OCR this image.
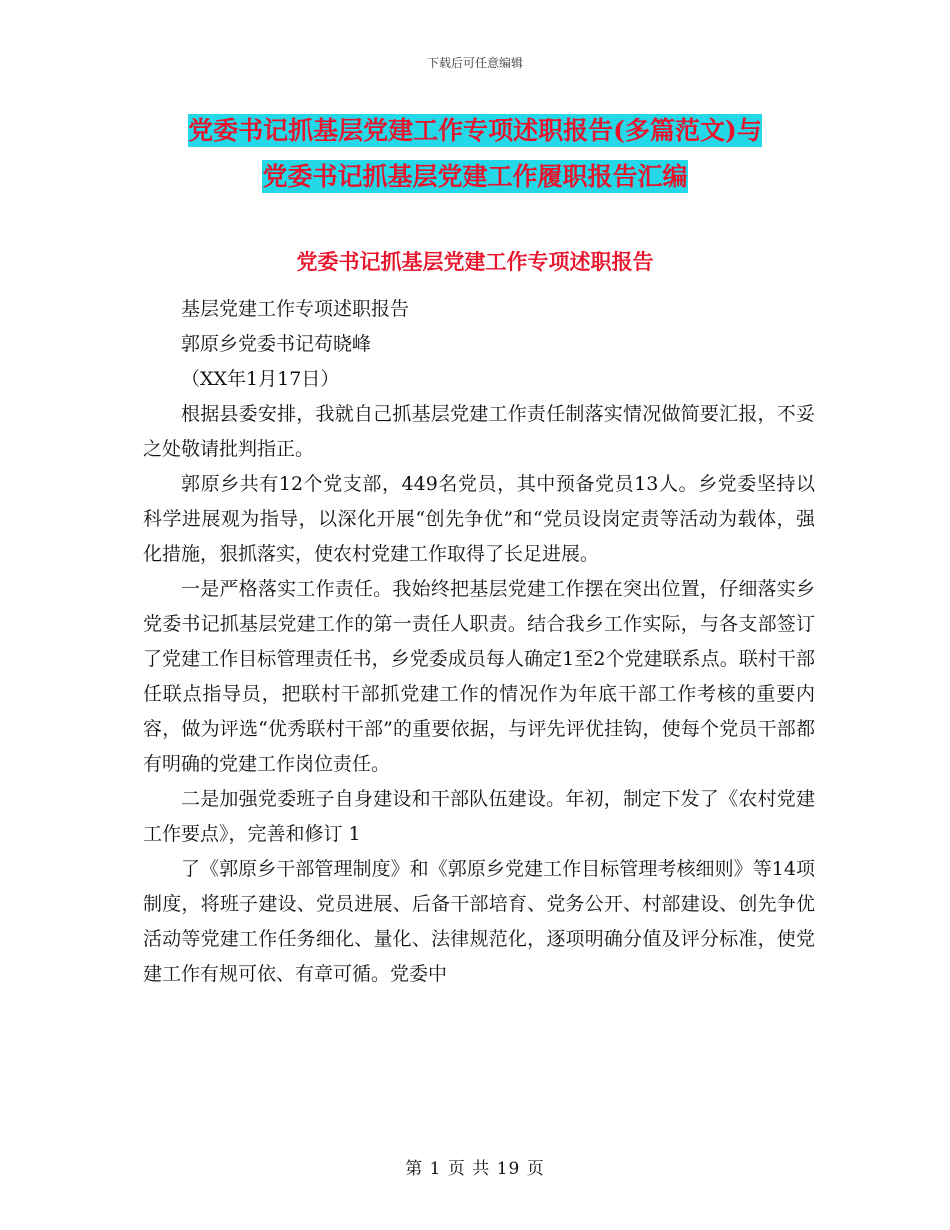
下载后可任意编辑
党委书记抓基层党建工作专项述职报告(多篇范文)与
党委书记抓基层党建工作履职报告汇编
党委书记抓基层党建工作专项述职报告

基层党建工作专项述职报告

郭原乡党委书记苟晓峰

（XX年1月17日）

根据县委安排，我就自己抓基层党建工作责任制落实情况做简要汇报，不妥之处敬请批判指正。

郭原乡共有12个党支部，449名党员，其中预备党员13人。乡党委坚持以科学进展观为指导，以深化开展“创先争优”和“党员设岗定责等活动为载体，强化措施，狠抓落实，使农村党建工作取得了长足进展。

一是严格落实工作责任。我始终把基层党建工作摆在突出位置，仔细落实乡党委书记抓基层党建工作的第一责任人职责。结合我乡工作实际，与各支部签订了党建工作目标管理责任书，乡党委成员每人确定1至2个党建联系点。联村干部任联点指导员，把联村干部抓党建工作的情况作为年底干部工作考核的重要内容，做为评选“优秀联村干部”的重要依据，与评先评优挂钩，使每个党员干部都有明确的党建工作岗位责任。

二是加强党委班子自身建设和干部队伍建设。年初，制定下发了《农村党建工作要点》，完善和修订 1

了《郭原乡干部管理制度》和《郭原乡党建工作目标管理考核细则》等14项制度，将班子建设、党员进展、后备干部培育、党务公开、村部建设、创先争优活动等党建工作任务细化、量化、法律规范化，逐项明确分值及评分标准，使党建工作有规可依、有章可循。党委中

第 1 页 共 19 页
